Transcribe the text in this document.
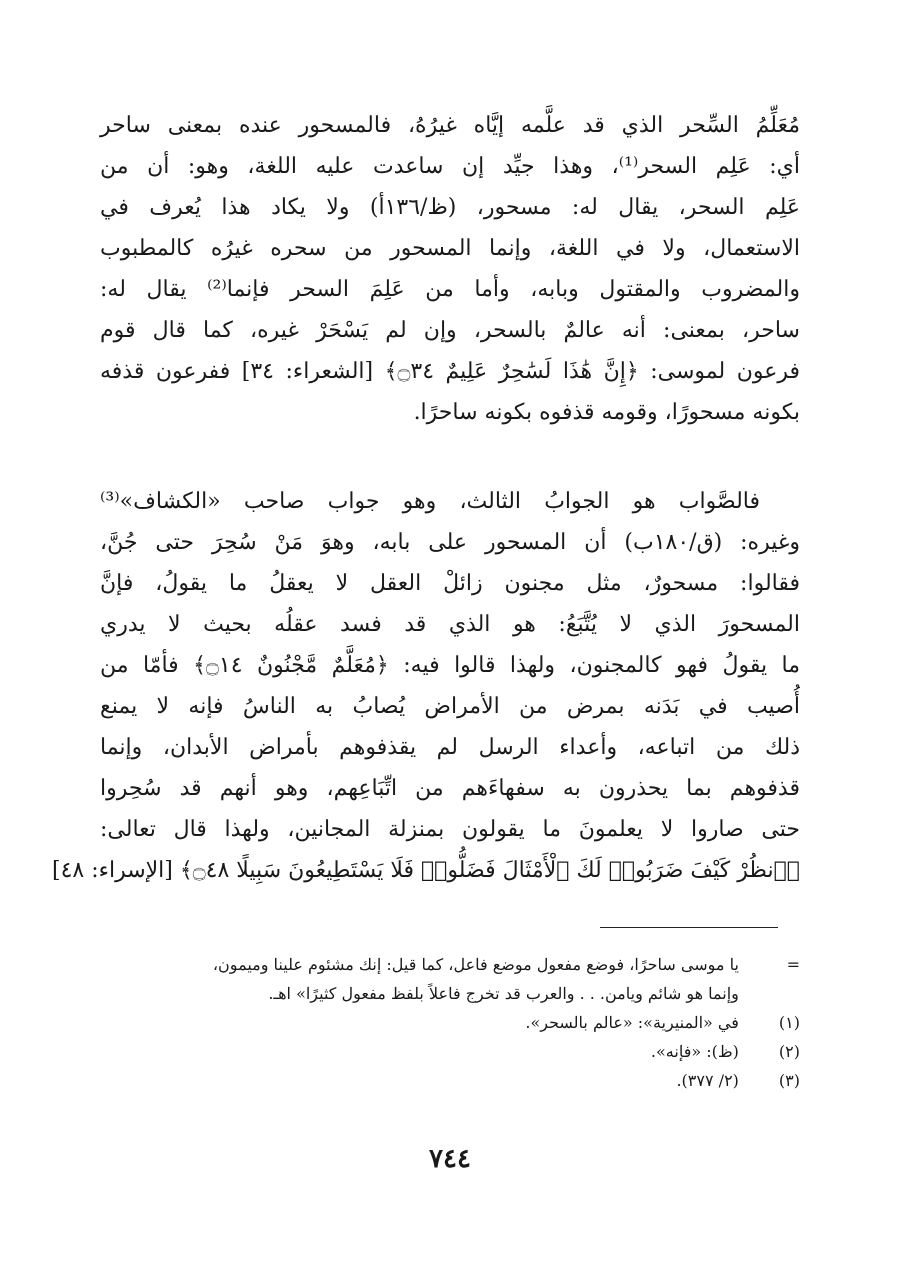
مُعَلِّمُ السِّحر الذي قد علَّمه إيَّاه غيرُهُ، فالمسحور عنده بمعنى ساحر
أي: عَلِم السحر⁽¹⁾، وهذا جيِّد إن ساعدت عليه اللغة، وهو: أن من
عَلِم السحر، يقال له: مسحور، (ظ/١٣٦أ) ولا يكاد هذا يُعرف في
الاستعمال، ولا في اللغة، وإنما المسحور من سحره غيرُه كالمطبوب
والمضروب والمقتول وبابه، وأما من عَلِمَ السحر فإنما⁽²⁾ يقال له:
ساحر، بمعنى: أنه عالمٌ بالسحر، وإن لم يَسْحَرْ غيره، كما قال قوم
فرعون لموسى: ﴿إِنَّ هَٰذَا لَسَٰحِرٌ عَلِيمٌ ۝٣٤﴾ [الشعراء: ٣٤] ففرعون قذفه
بكونه مسحورًا، وقومه قذفوه بكونه ساحرًا.
فالصَّواب هو الجوابُ الثالث، وهو جواب صاحب «الكشاف»⁽³⁾
وغيره: (ق/١٨٠ب) أن المسحور على بابه، وهوَ مَنْ سُحِرَ حتى جُنَّ،
فقالوا: مسحورٌ، مثل مجنون زائلْ العقل لا يعقلُ ما يقولُ، فإنَّ
المسحورَ الذي لا يُتَّبَعُ: هو الذي قد فسد عقلُه بحيث لا يدري
ما يقولُ فهو كالمجنون، ولهذا قالوا فيه: ﴿مُعَلَّمٌ مَّجْنُونٌ ۝١٤﴾ فأمّا من
أُصيب في بَدَنه بمرض من الأمراض يُصابُ به الناسُ فإنه لا يمنع
ذلك من اتباعه، وأعداء الرسل لم يقذفوهم بأمراض الأبدان، وإنما
قذفوهم بما يحذرون به سفهاءَهم من اتِّبَاعِهم، وهو أنهم قد سُحِروا
حتى صاروا لا يعلمونَ ما يقولون بمنزلة المجانين، ولهذا قال تعالى:
﴿ٱنظُرْ كَيْفَ ضَرَبُوا۟ لَكَ ٱلْأَمْثَالَ فَضَلُّوا۟ فَلَا يَسْتَطِيعُونَ سَبِيلًا ۝٤٨﴾ [الإسراء: ٤٨]
= يا موسى ساحرًا، فوضع مفعول موضع فاعل، كما قيل: إنك مشئوم علينا وميمون،
وإنما هو شائم ويامن. . . والعرب قد تخرج فاعلاً بلفظ مفعول كثيرًا» اهـ.
(١) في «المنيرية»: «عالم بالسحر».
(٢) (ظ): «فإنه».
(٣) (٢/ ٣٧٧).
٧٤٤
